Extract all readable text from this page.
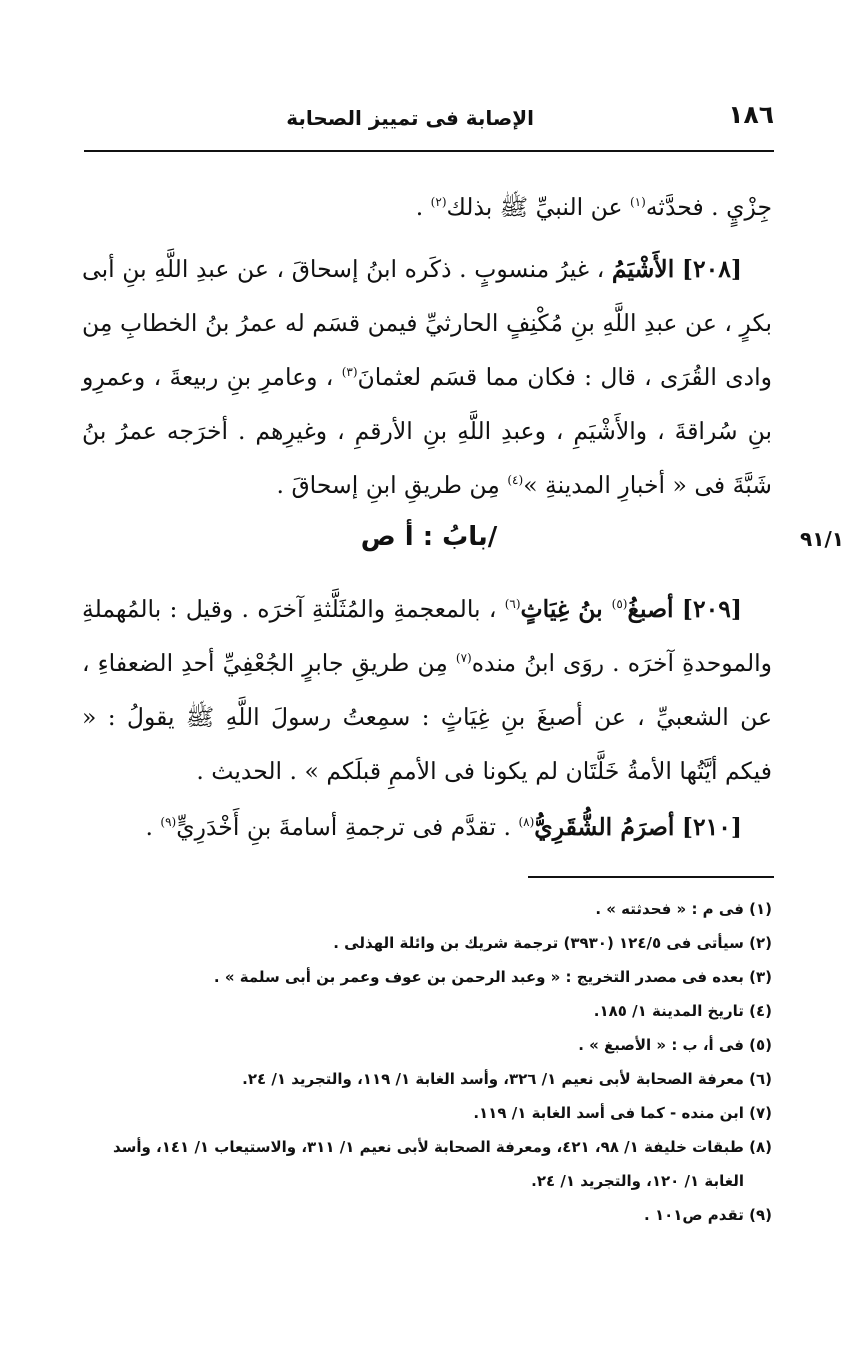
١٨٦
الإصابة فى تمييز الصحابة

جِزْيٍ . فحدَّثه$^{(١)}$ عن النبيِّ ﷺ بذلك$^{(٢)}$ .

[٢٠٨] الأَشْيَمُ ، غيرُ منسوبٍ . ذكَره ابنُ إسحاقَ ، عن عبدِ اللَّهِ بنِ أبى بكرٍ ، عن عبدِ اللَّهِ بنِ مُكْنِفٍ الحارثيِّ فيمن قسَم له عمرُ بنُ الخطابِ مِن وادى القُرَى ، قال : فكان مما قسَم لعثمانَ$^{(٣)}$ ، وعامرِ بنِ ربيعةَ ، وعمرِو بنِ سُراقةَ ، والأَشْيَمِ ، وعبدِ اللَّهِ بنِ الأرقمِ ، وغيرِهم . أخرَجه عمرُ بنُ شَبَّةَ فى « أخبارِ المدينةِ »$^{(٤)}$ مِن طريقِ ابنِ إسحاقَ .

/بابُ : أ ص	٩١/١

[٢٠٩] أصبغُ$^{(٥)}$ بنُ غِيَاثٍ$^{(٦)}$ ، بالمعجمةِ والمُثَلَّثةِ آخرَه . وقيل : بالمُهملةِ والموحدةِ آخرَه . روَى ابنُ منده$^{(٧)}$ مِن طريقِ جابرٍ الجُعْفِيِّ أحدِ الضعفاءِ ، عن الشعبيِّ ، عن أصبغَ بنِ غِيَاثٍ : سمِعتُ رسولَ اللَّهِ ﷺ يقولُ : « فيكم أيَّتُها الأمةُ خَلَّتَان لم يكونا فى الأممِ قبلَكم » . الحديث .

[٢١٠] أصرَمُ الشُّقَرِيُّ$^{(٨)}$ . تقدَّم فى ترجمةِ أسامةَ بنِ أَخْدَرِيٍّ$^{(٩)}$ .

(١) فى م : « فحدثته » .

(٢) سيأتى فى ١٢٤/٥ (٣٩٣٠) ترجمة شريك بن وائلة الهذلى .

(٣) بعده فى مصدر التخريج : « وعبد الرحمن بن عوف وعمر بن أبى سلمة » .

(٤) تاريخ المدينة ١/ ١٨٥.

(٥) فى أ، ب : « الأصبغ » .

(٦) معرفة الصحابة لأبى نعيم ١/ ٣٢٦، وأسد الغابة ١/ ١١٩، والتجريد ١/ ٢٤.

(٧) ابن منده - كما فى أسد الغابة ١/ ١١٩.

(٨) طبقات خليفة ١/ ٩٨، ٤٢١، ومعرفة الصحابة لأبى نعيم ١/ ٣١١، والاستيعاب ١/ ١٤١، وأسد

الغابة ١/ ١٢٠، والتجريد ١/ ٢٤.

(٩) تقدم ص١٠١ .
